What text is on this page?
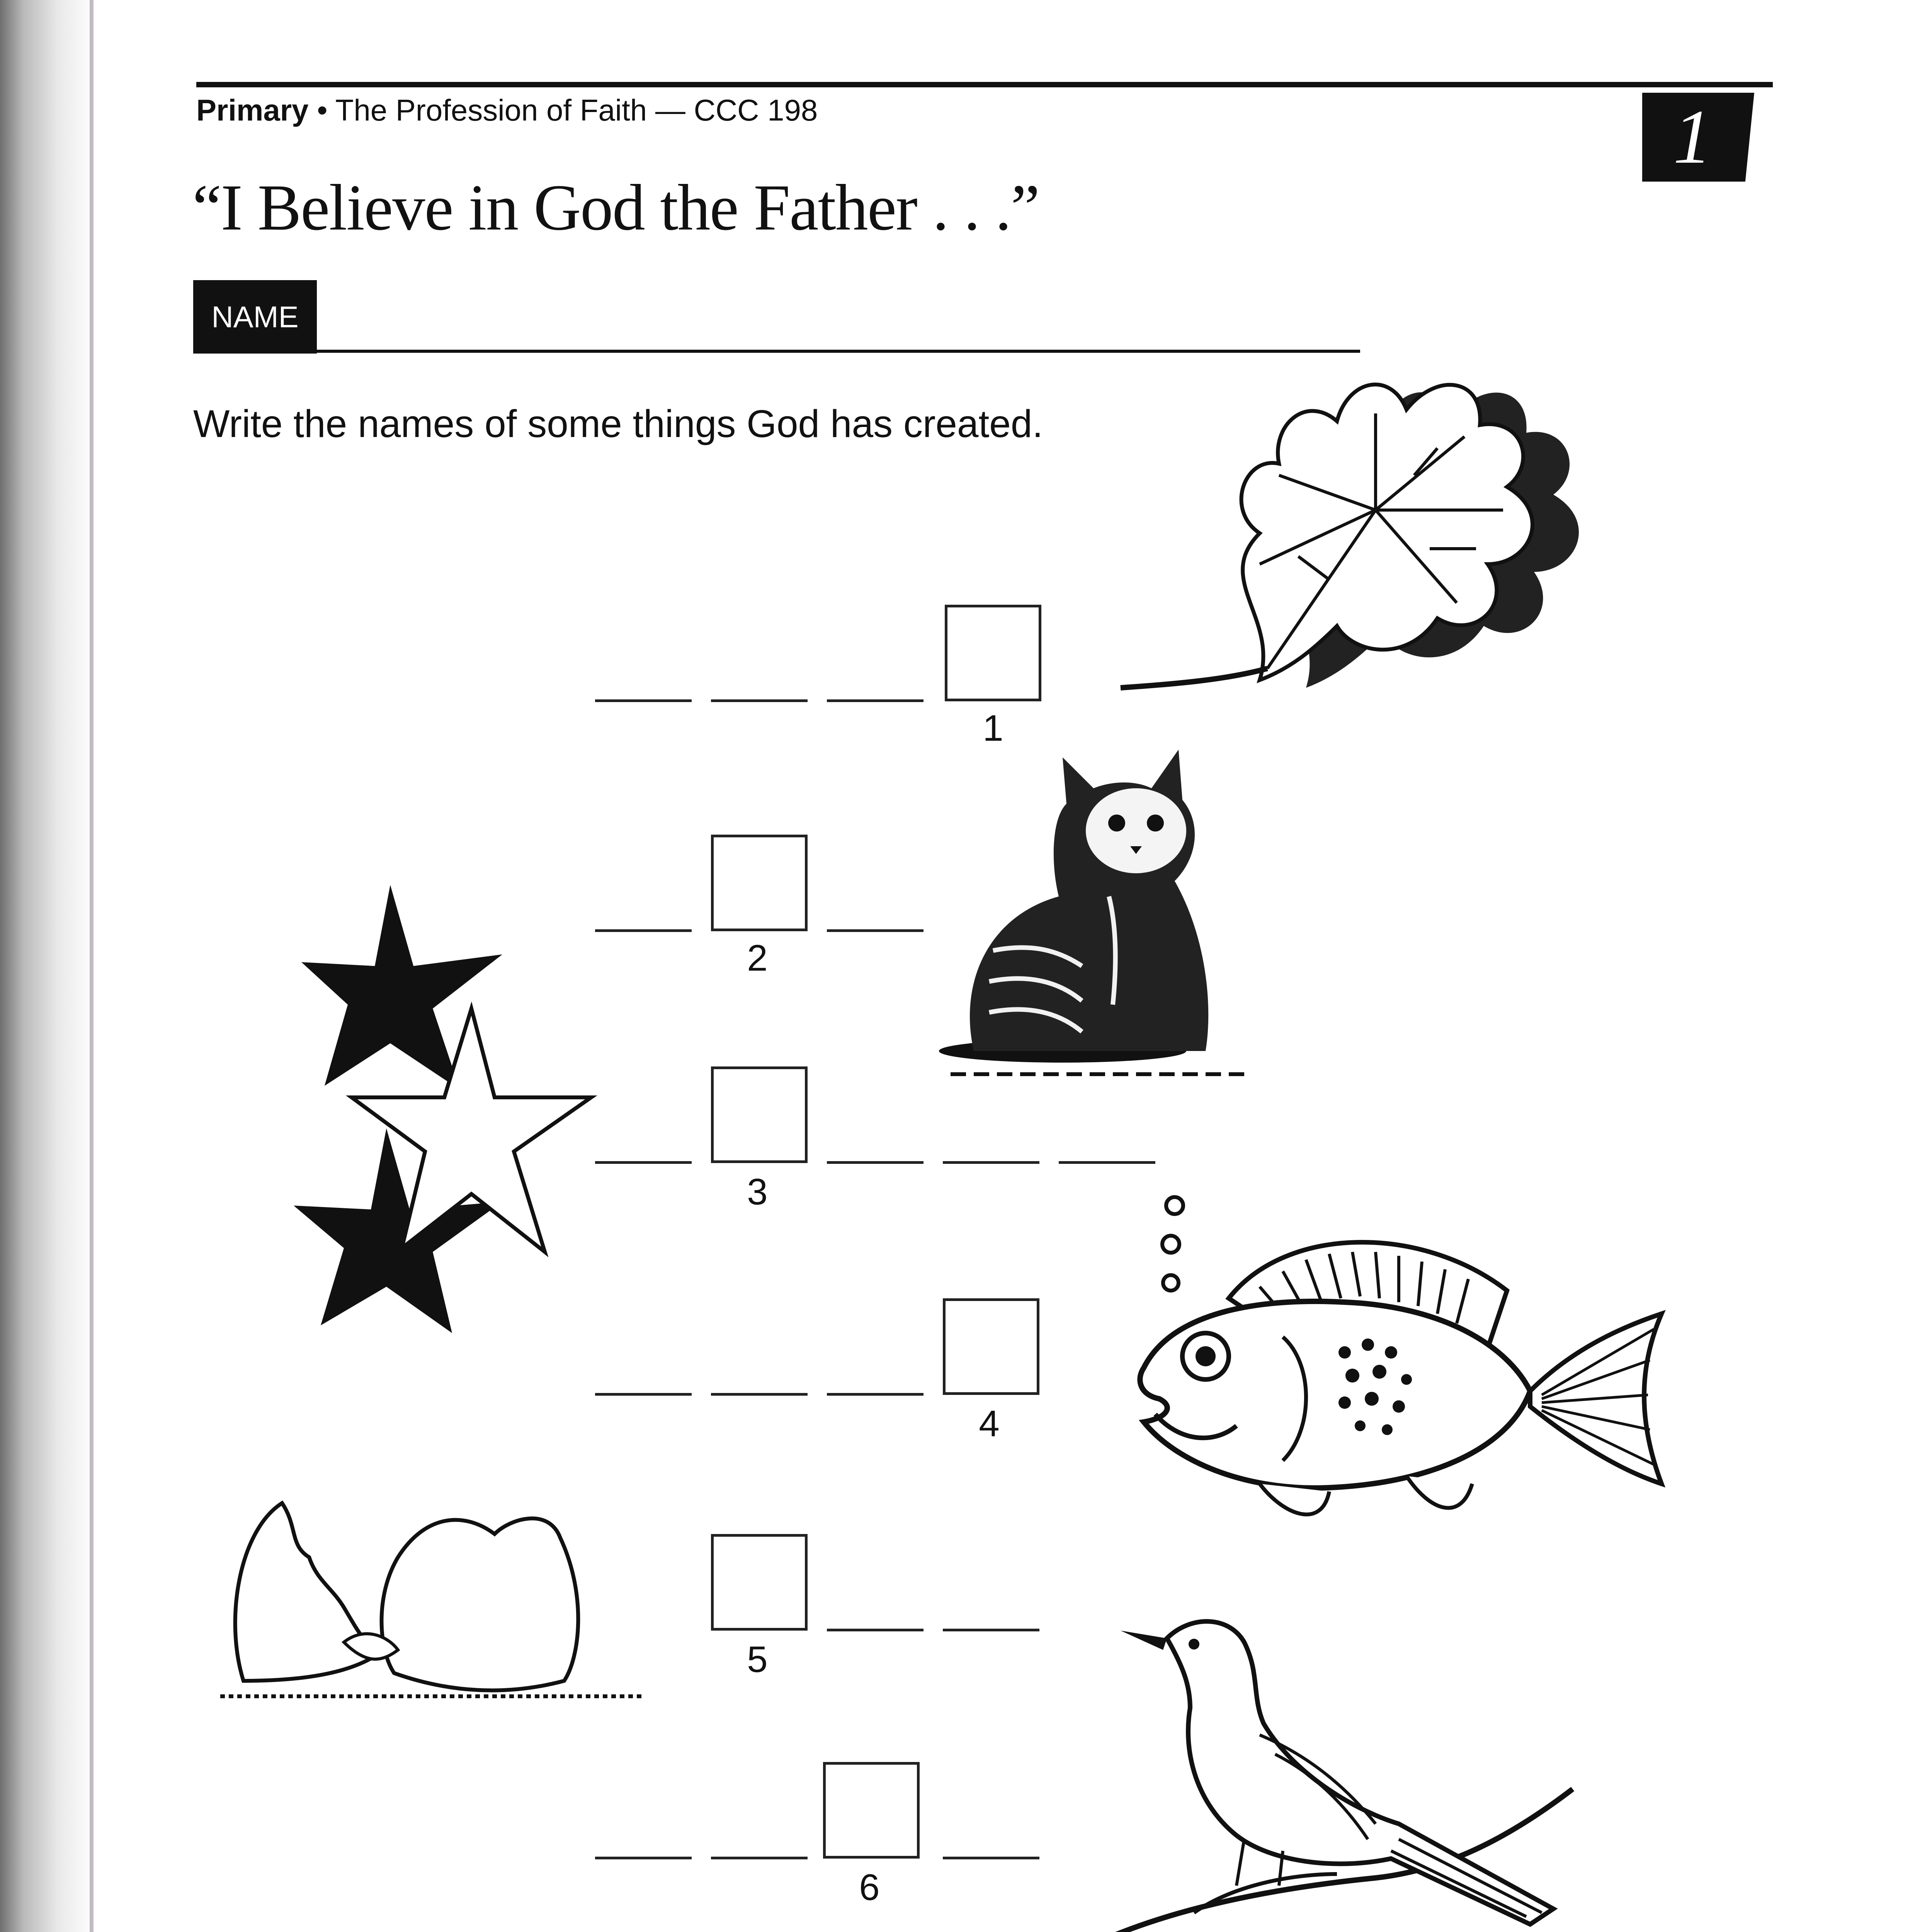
Primary • The Profession of Faith — CCC 198	1
“I Believe in God the Father . . .”
NAME
Write the names of some things God has created.
1
2
3
4
5
6
